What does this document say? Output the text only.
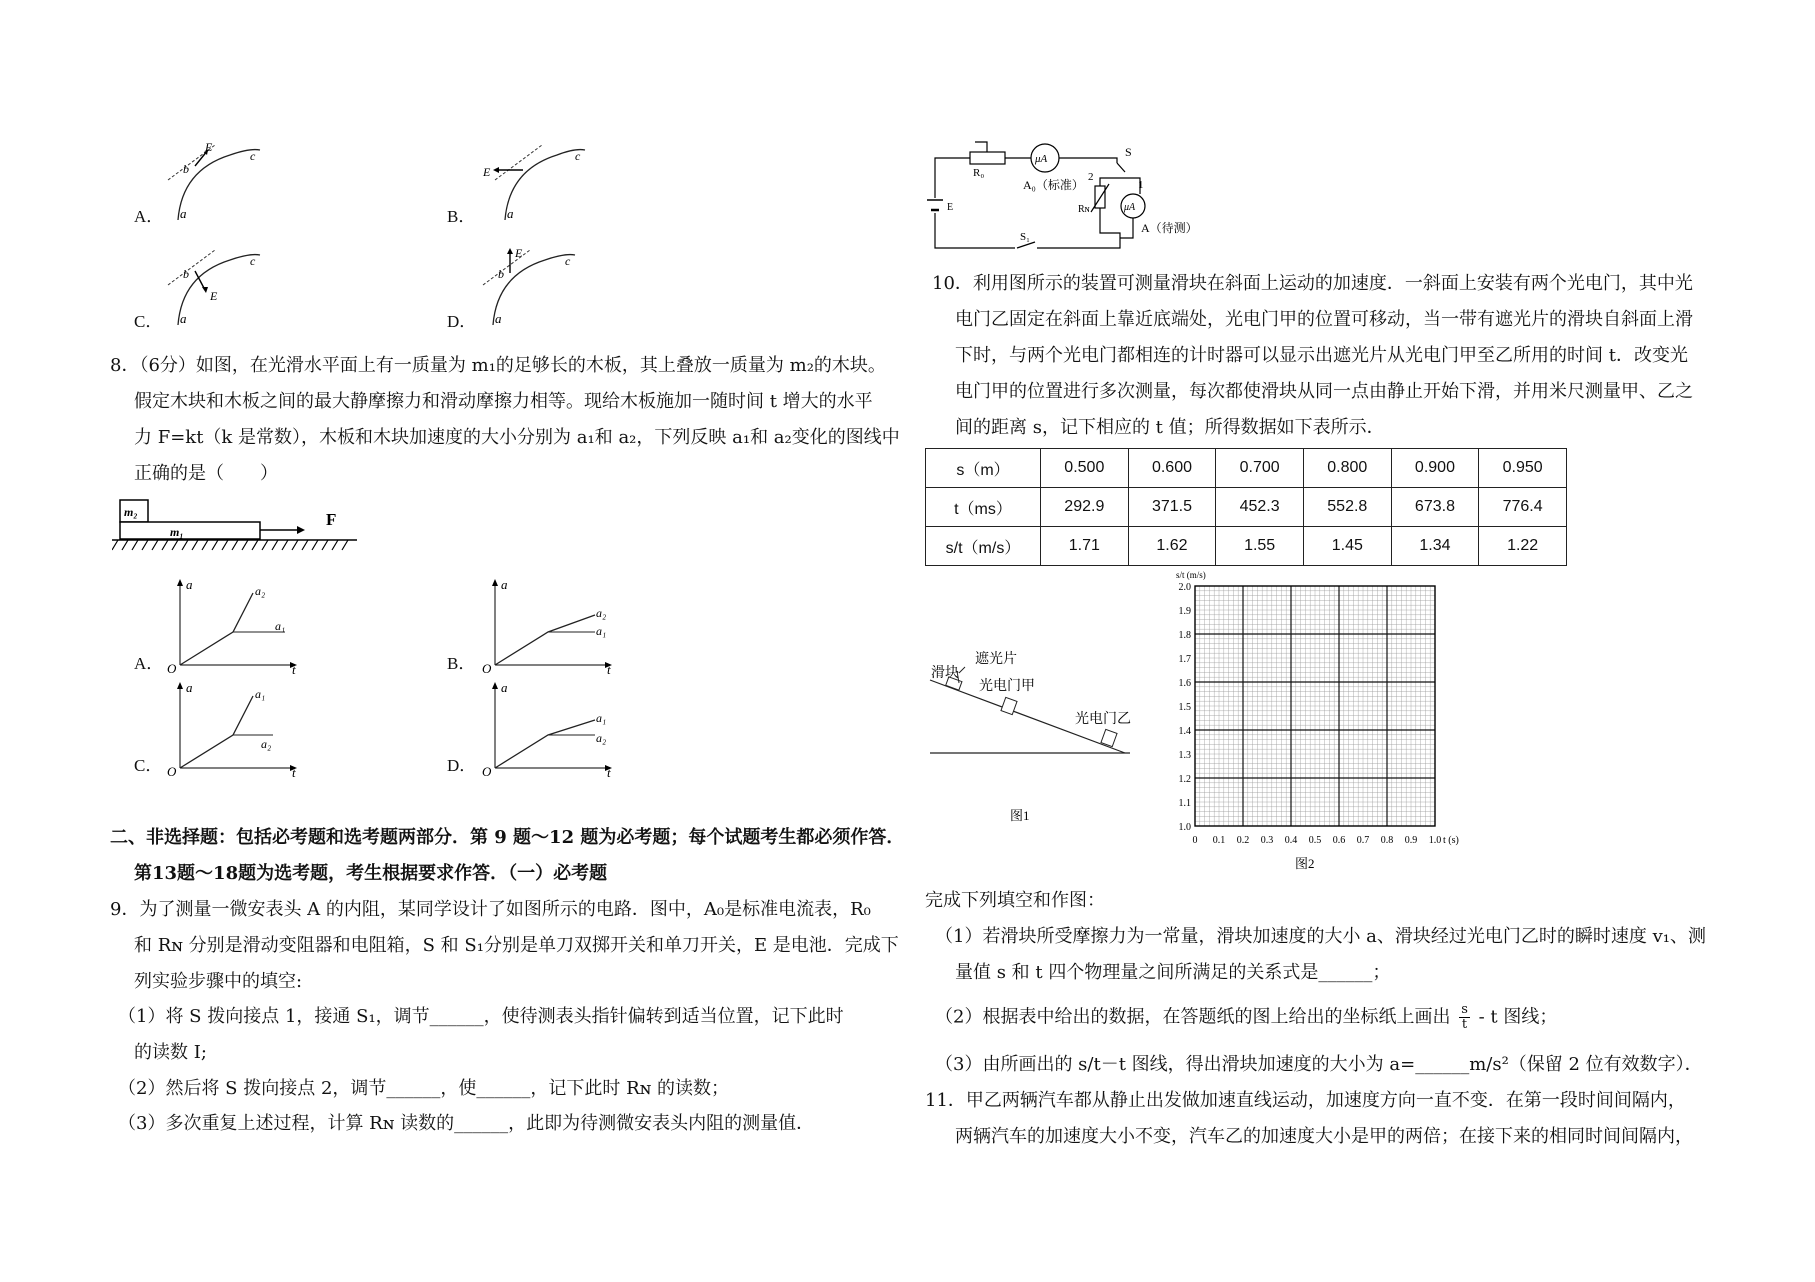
A． a
b
E
c
B． a
E
c
C． a
b
E
c
D． a
b
E
c
8．（6分）如图，在光滑水平面上有一质量为 m₁的足够长的木板，其上叠放一质量为 m₂的木块。
假定木块和木板之间的最大静摩擦力和滑动摩擦力相等。现给木板施加一随时间 t 增大的水平
力 F=kt（k 是常数），木板和木块加速度的大小分别为 a₁和 a₂，下列反映 a₁和 a₂变化的图线中
正确的是（　　）
m₂
m₁
F
A． O
a
t
a₂
a₁
B． O
a
t
a₂
a₁
C． O
a
t
a₁
a₂
D． O
a
t
a₁
a₂
二、非选择题：包括必考题和选考题两部分．第 9 题～12 题为必考题；每个试题考生都必须作答．
第13题～18题为选考题，考生根据要求作答．（一）必考题
9．为了测量一微安表头 A 的内阻，某同学设计了如图所示的电路．图中，A₀是标准电流表，R₀
和 Rɴ 分别是滑动变阻器和电阻箱，S 和 S₁分别是单刀双掷开关和单刀开关，E 是电池．完成下
列实验步骤中的填空:
（1）将 S 拨向接点 1，接通 S₁，调节______，使待测表头指针偏转到适当位置，记下此时
的读数 I;
（2）然后将 S 拨向接点 2，调节______，使______，记下此时 Rɴ 的读数；
（3）多次重复上述过程，计算 Rɴ 读数的______，此即为待测微安表头内阻的测量值．
μA
μA
R₀
A₀（标准）
S
1
2
Rɴ
A（待测）
E
S₁
10．利用图所示的装置可测量滑块在斜面上运动的加速度．一斜面上安装有两个光电门，其中光
电门乙固定在斜面上靠近底端处，光电门甲的位置可移动，当一带有遮光片的滑块自斜面上滑
下时，与两个光电门都相连的计时器可以显示出遮光片从光电门甲至乙所用的时间 t．改变光
电门甲的位置进行多次测量，每次都使滑块从同一点由静止开始下滑，并用米尺测量甲、乙之
间的距离 s，记下相应的 t 值；所得数据如下表所示．
s（m）	0.500	0.600	0.700	0.800	0.900	0.950
t（ms）	292.9	371.5	452.3	552.8	673.8	776.4
s/t（m/s）	1.71	1.62	1.55	1.45	1.34	1.22
遮光片
滑块
光电门甲
光电门乙
图1
s/t (m/s)
2.0
1.9
1.8
1.7
1.6
1.5
1.4
1.3
1.2
1.1
1.0
0 0.1 0.2 0.3 0.4 0.5 0.6 0.7 0.8 0.9 1.0 t (s)
图2
完成下列填空和作图：
（1）若滑块所受摩擦力为一常量，滑块加速度的大小 a、滑块经过光电门乙时的瞬时速度 v₁、测
量值 s 和 t 四个物理量之间所满足的关系式是______；
（2）根据表中给出的数据，在答题纸的图上给出的坐标纸上画出 $\frac{s}{t}$ - t 图线；
（3）由所画出的 s/t－t 图线，得出滑块加速度的大小为 a=______m/s²（保留 2 位有效数字）．
11．甲乙两辆汽车都从静止出发做加速直线运动，加速度方向一直不变．在第一段时间间隔内，
两辆汽车的加速度大小不变，汽车乙的加速度大小是甲的两倍；在接下来的相同时间间隔内，
